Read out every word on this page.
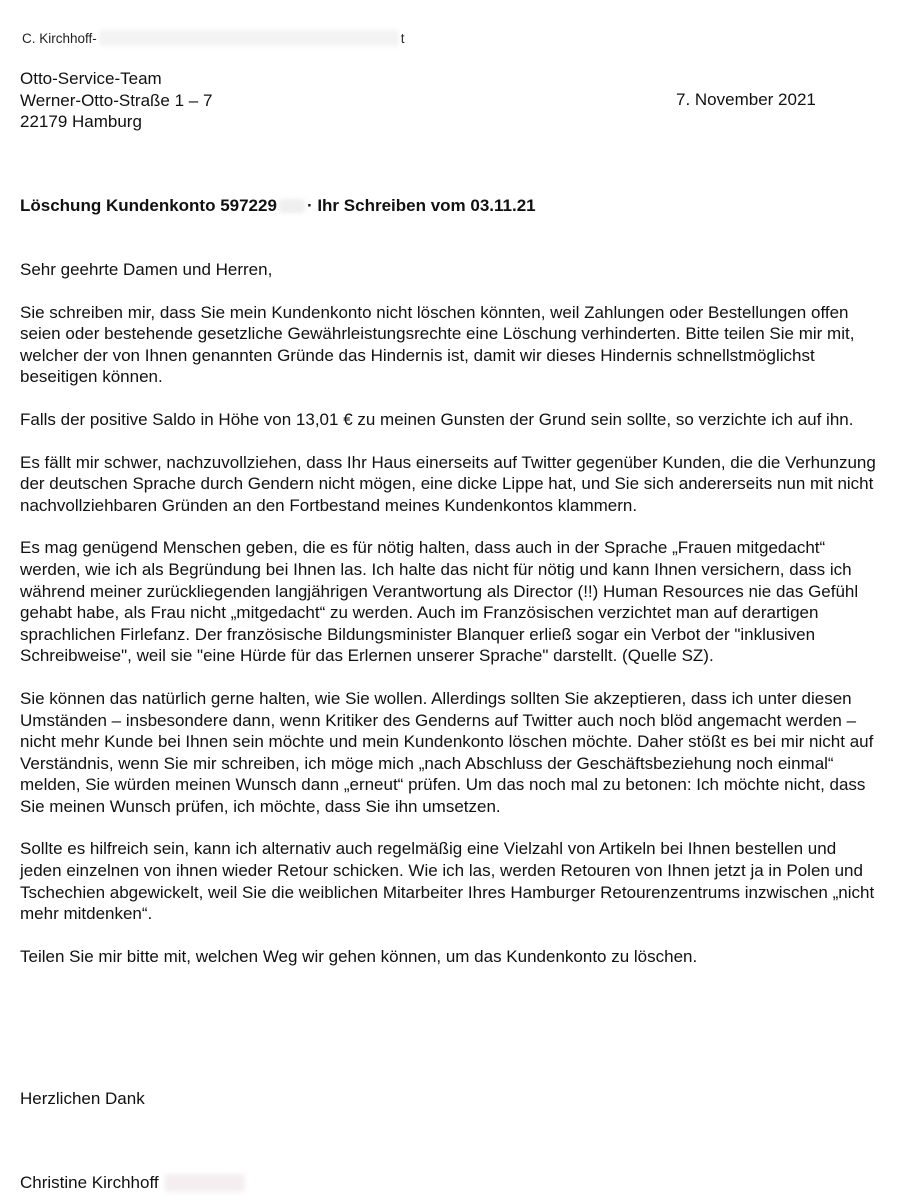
C. Kirchhoff-	t
Otto-Service-Team
Werner-Otto-Straße 1 – 7
22179 Hamburg
7. November 2021
Löschung Kundenkonto 597229 · Ihr Schreiben vom 03.11.21

Sehr geehrte Damen und Herren,

Sie schreiben mir, dass Sie mein Kundenkonto nicht löschen könnten, weil Zahlungen oder Bestellungen offen seien oder bestehende gesetzliche Gewährleistungsrechte eine Löschung verhinderten. Bitte teilen Sie mir mit, welcher der von Ihnen genannten Gründe das Hindernis ist, damit wir dieses Hindernis schnellstmöglichst beseitigen können.

Falls der positive Saldo in Höhe von 13,01 € zu meinen Gunsten der Grund sein sollte, so verzichte ich auf ihn.

Es fällt mir schwer, nachzuvollziehen, dass Ihr Haus einerseits auf Twitter gegenüber Kunden, die die Verhunzung der deutschen Sprache durch Gendern nicht mögen, eine dicke Lippe hat, und Sie sich andererseits nun mit nicht nachvollziehbaren Gründen an den Fortbestand meines Kundenkontos klammern.

Es mag genügend Menschen geben, die es für nötig halten, dass auch in der Sprache „Frauen mitgedacht“ werden, wie ich als Begründung bei Ihnen las. Ich halte das nicht für nötig und kann Ihnen versichern, dass ich während meiner zurückliegenden langjährigen Verantwortung als Director (!!) Human Resources nie das Gefühl gehabt habe, als Frau nicht „mitgedacht“ zu werden. Auch im Französischen verzichtet man auf derartigen sprachlichen Firlefanz. Der französische Bildungsminister Blanquer erließ sogar ein Verbot der "inklusiven Schreibweise", weil sie "eine Hürde für das Erlernen unserer Sprache" darstellt. (Quelle SZ).

Sie können das natürlich gerne halten, wie Sie wollen. Allerdings sollten Sie akzeptieren, dass ich unter diesen Umständen – insbesondere dann, wenn Kritiker des Genderns auf Twitter auch noch blöd angemacht werden – nicht mehr Kunde bei Ihnen sein möchte und mein Kundenkonto löschen möchte. Daher stößt es bei mir nicht auf Verständnis, wenn Sie mir schreiben, ich möge mich „nach Abschluss der Geschäftsbeziehung noch einmal“ melden, Sie würden meinen Wunsch dann „erneut“ prüfen. Um das noch mal zu betonen: Ich möchte nicht, dass Sie meinen Wunsch prüfen, ich möchte, dass Sie ihn umsetzen.

Sollte es hilfreich sein, kann ich alternativ auch regelmäßig eine Vielzahl von Artikeln bei Ihnen bestellen und jeden einzelnen von ihnen wieder Retour schicken. Wie ich las, werden Retouren von Ihnen jetzt ja in Polen und Tschechien abgewickelt, weil Sie die weiblichen Mitarbeiter Ihres Hamburger Retourenzentrums inzwischen „nicht mehr mitdenken“.

Teilen Sie mir bitte mit, welchen Weg wir gehen können, um das Kundenkonto zu löschen.

Herzlichen Dank
Christine Kirchhoff
